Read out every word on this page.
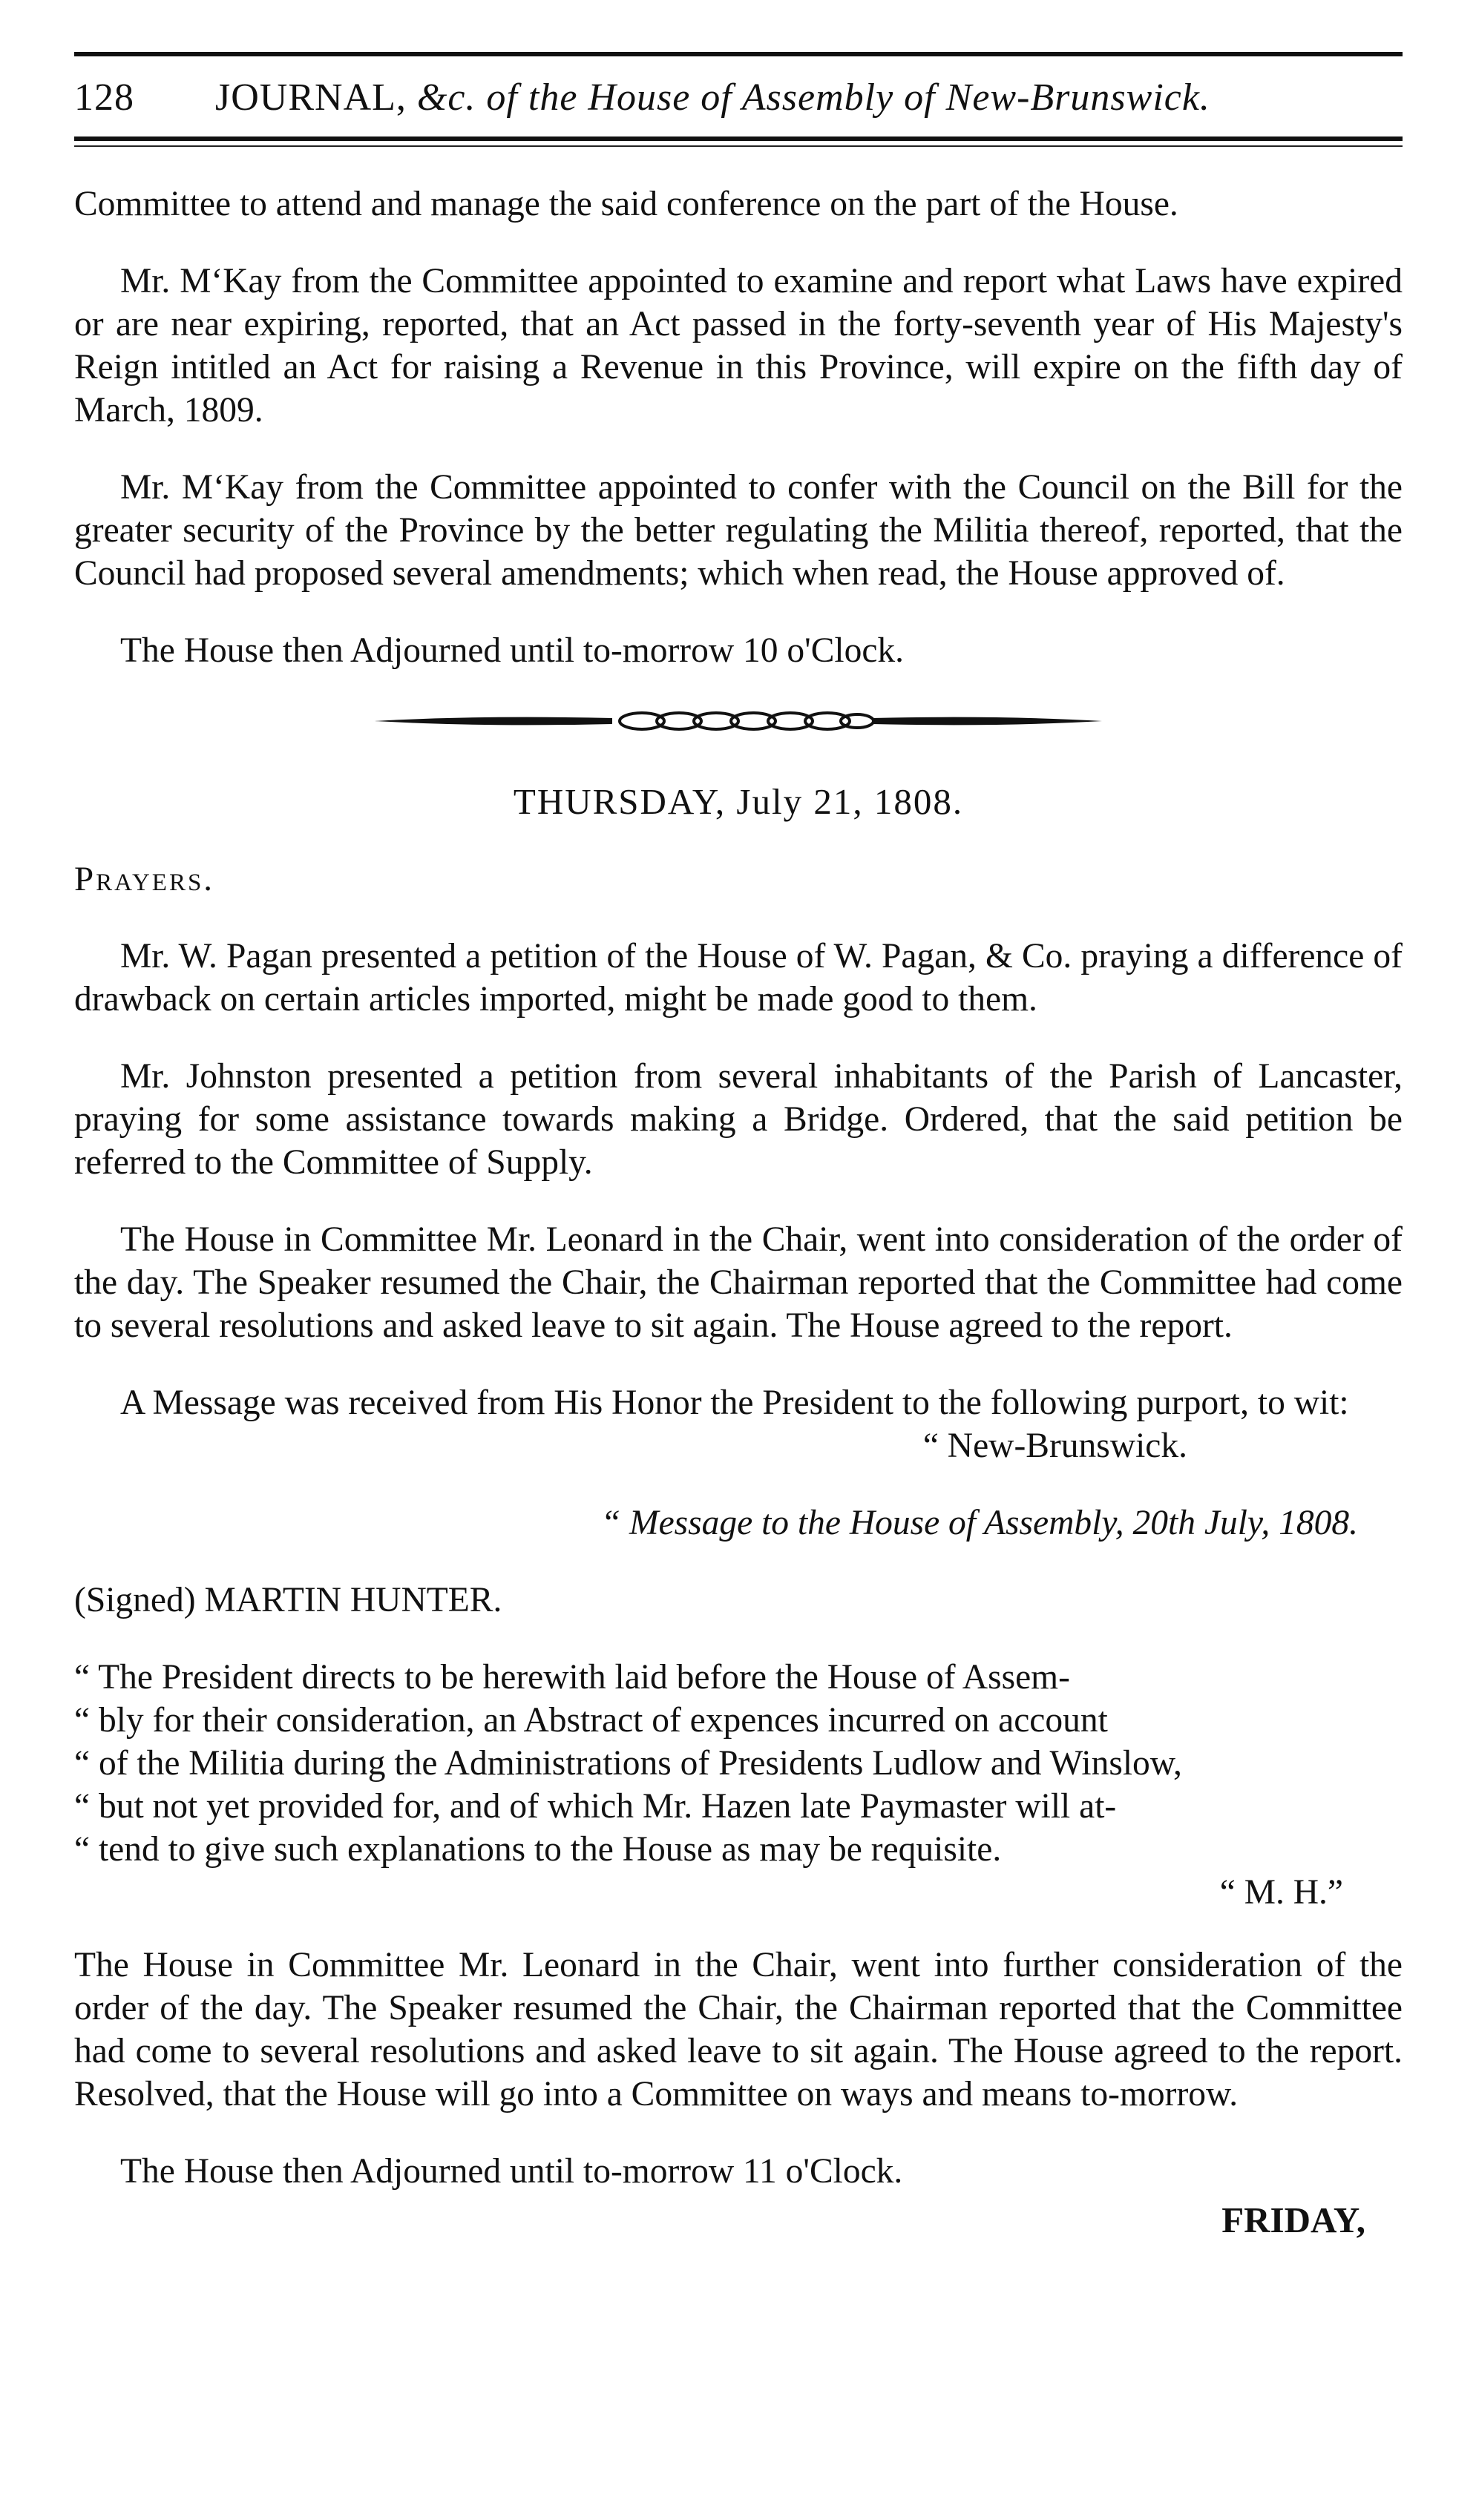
128 JOURNAL, &c. of the House of Assembly of New-Brunswick.

Committee to attend and manage the said conference on the part of the House.

Mr. M‘Kay from the Committee appointed to examine and report what Laws have expired or are near expiring, reported, that an Act passed in the forty-seventh year of His Majesty's Reign intitled an Act for raising a Revenue in this Province, will expire on the fifth day of March, 1809.

Mr. M‘Kay from the Committee appointed to confer with the Council on the Bill for the greater security of the Province by the better regulating the Militia thereof, reported, that the Council had proposed several amendments; which when read, the House approved of.

The House then Adjourned until to-morrow 10 o'Clock.

THURSDAY, July 21, 1808.

Prayers.

Mr. W. Pagan presented a petition of the House of W. Pagan, & Co. praying a difference of drawback on certain articles imported, might be made good to them.

Mr. Johnston presented a petition from several inhabitants of the Parish of Lancaster, praying for some assistance towards making a Bridge. Ordered, that the said petition be referred to the Committee of Supply.

The House in Committee Mr. Leonard in the Chair, went into consideration of the order of the day. The Speaker resumed the Chair, the Chairman reported that the Committee had come to several resolutions and asked leave to sit again. The House agreed to the report.

A Message was received from His Honor the President to the following purport, to wit:

“ New-Brunswick.

“ Message to the House of Assembly, 20th July, 1808.

(Signed) MARTIN HUNTER.

“ The President directs to be herewith laid before the House of Assem-

“ bly for their consideration, an Abstract of expences incurred on account

“ of the Militia during the Administrations of Presidents Ludlow and Winslow,

“ but not yet provided for, and of which Mr. Hazen late Paymaster will at-

“ tend to give such explanations to the House as may be requisite.

“ M. H.”

The House in Committee Mr. Leonard in the Chair, went into further consideration of the order of the day. The Speaker resumed the Chair, the Chairman reported that the Committee had come to several resolutions and asked leave to sit again. The House agreed to the report. Resolved, that the House will go into a Committee on ways and means to-morrow.

The House then Adjourned until to-morrow 11 o'Clock.

FRIDAY,
